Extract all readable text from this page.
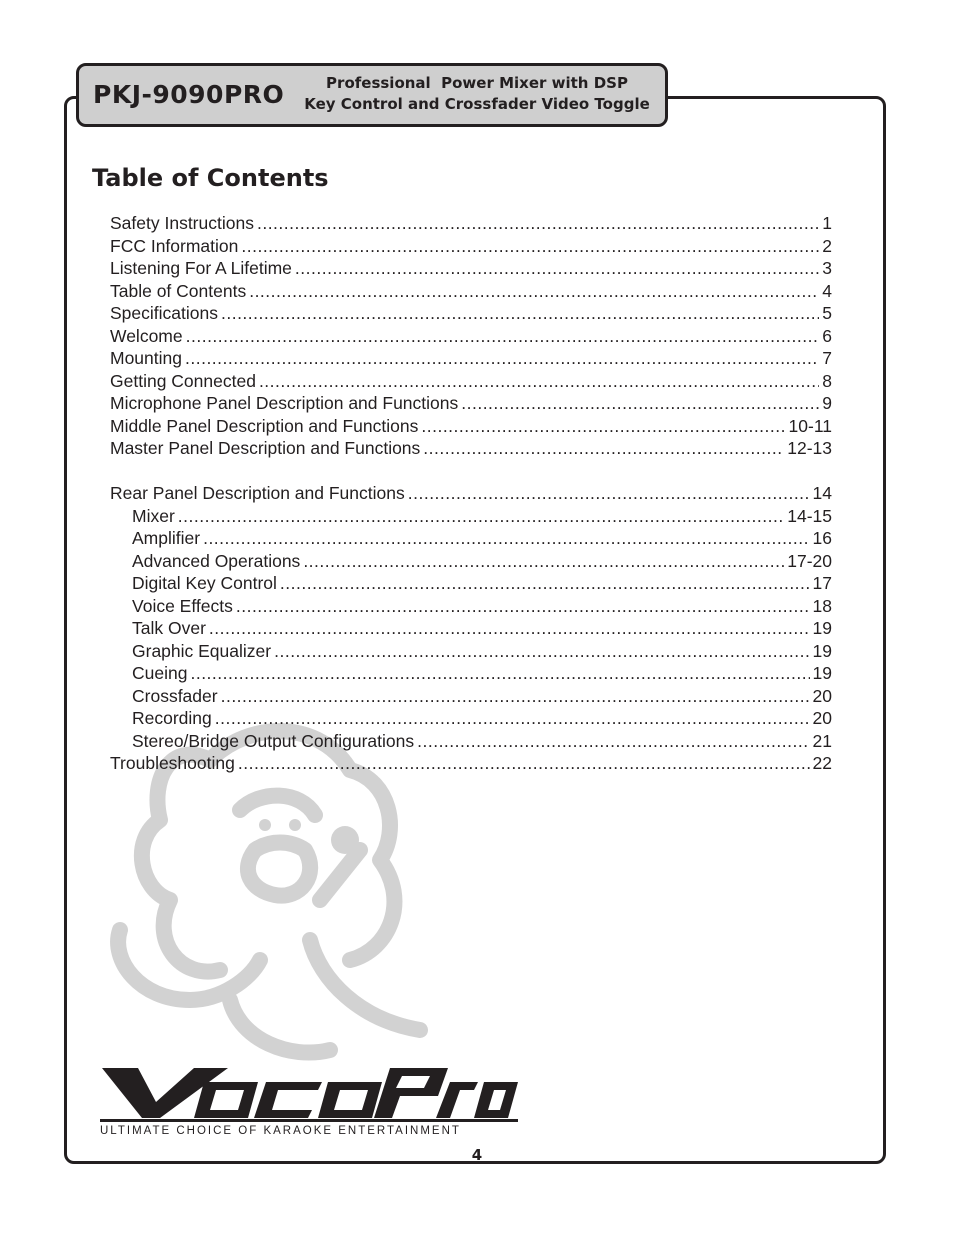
PKJ-9090PRO	Professional  Power Mixer with DSP
Key Control and Crossfader Video Toggle
Table of Contents
Safety Instructions .....	1
FCC Information .....	2
Listening For A Lifetime .....	3
Table of Contents .....	4
Specifications .....	5
Welcome .....	6
Mounting .....	7
Getting Connected .....	8
Microphone Panel Description and Functions .....	9
Middle Panel Description and Functions .....	10-11
Master Panel Description and Functions .....	12-13
Rear Panel Description and Functions .....	14
Mixer .....	14-15
Amplifier .....	16
Advanced Operations .....	17-20
Digital Key Control .....	17
Voice Effects .....	18
Talk Over .....	19
Graphic Equalizer .....	19
Cueing .....	19
Crossfader .....	20
Recording .....	20
Stereo/Bridge Output Configurations .....	21
Troubleshooting .....	22
ULTIMATE CHOICE OF KARAOKE ENTERTAINMENT
4
